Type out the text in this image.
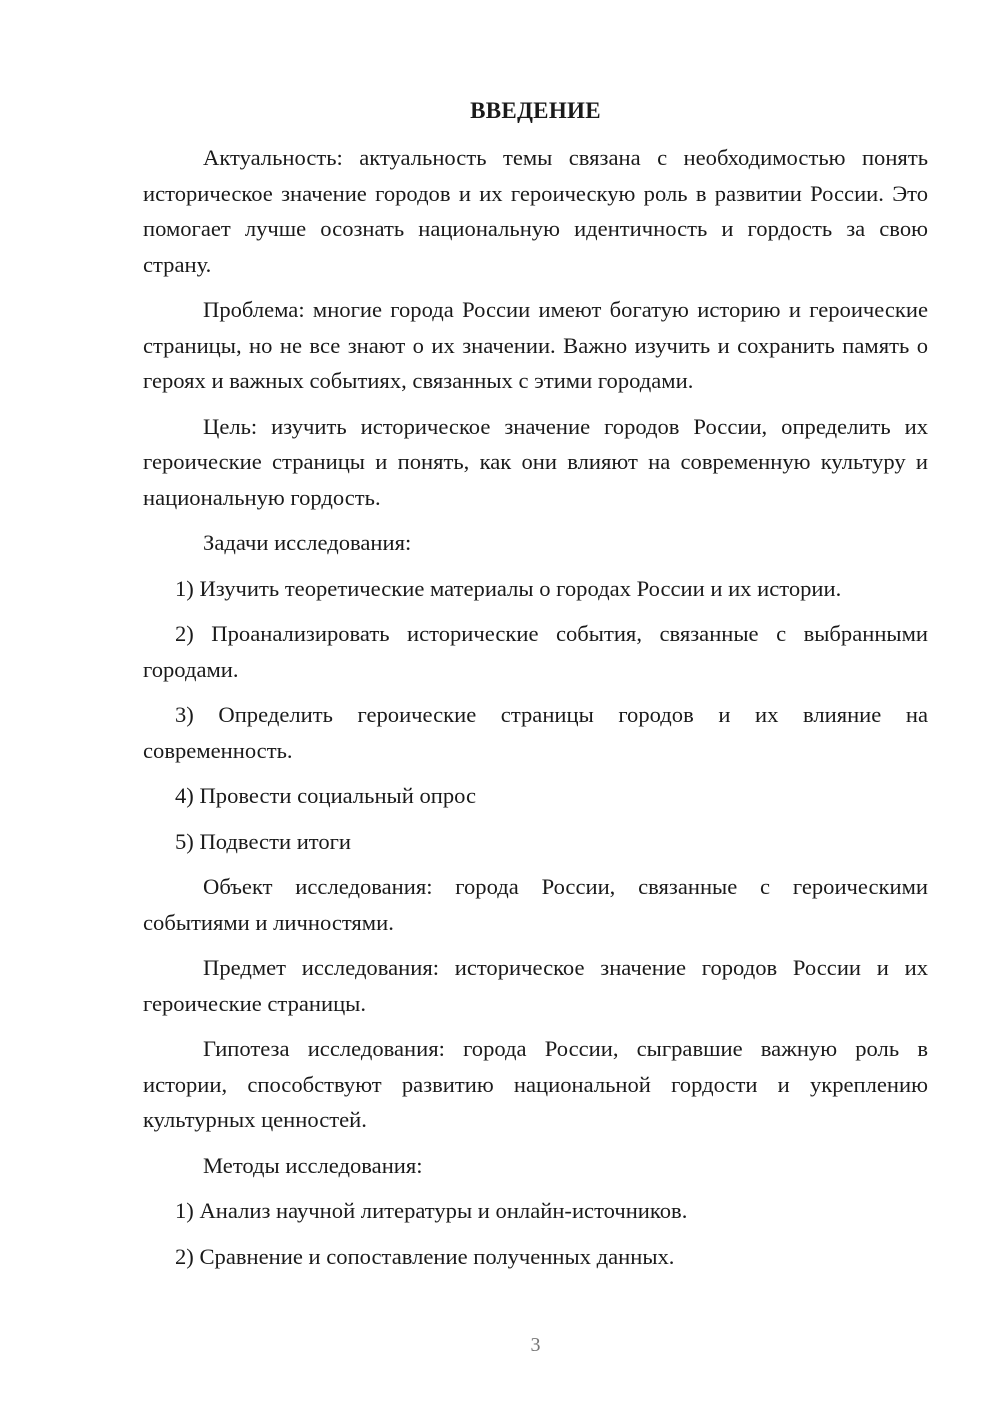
ВВЕДЕНИЕ

Актуальность: актуальность темы связана с необходимостью понять историческое значение городов и их героическую роль в развитии России. Это помогает лучше осознать национальную идентичность и гордость за свою страну.

Проблема: многие города России имеют богатую историю и героические страницы, но не все знают о их значении. Важно изучить и сохранить память о героях и важных событиях, связанных с этими городами.

Цель: изучить историческое значение городов России, определить их героические страницы и понять, как они влияют на современную культуру и национальную гордость.

Задачи исследования:

1) Изучить теоретические материалы о городах России и их истории.

2) Проанализировать исторические события, связанные с выбранными городами.

3) Определить героические страницы городов и их влияние на современность.

4) Провести социальный опрос

5) Подвести итоги

Объект исследования: города России, связанные с героическими событиями и личностями.

Предмет исследования: историческое значение городов России и их героические страницы.

Гипотеза исследования: города России, сыгравшие важную роль в истории, способствуют развитию национальной гордости и укреплению культурных ценностей.

Методы исследования:

1) Анализ научной литературы и онлайн-источников.

2) Сравнение и сопоставление полученных данных.

3
